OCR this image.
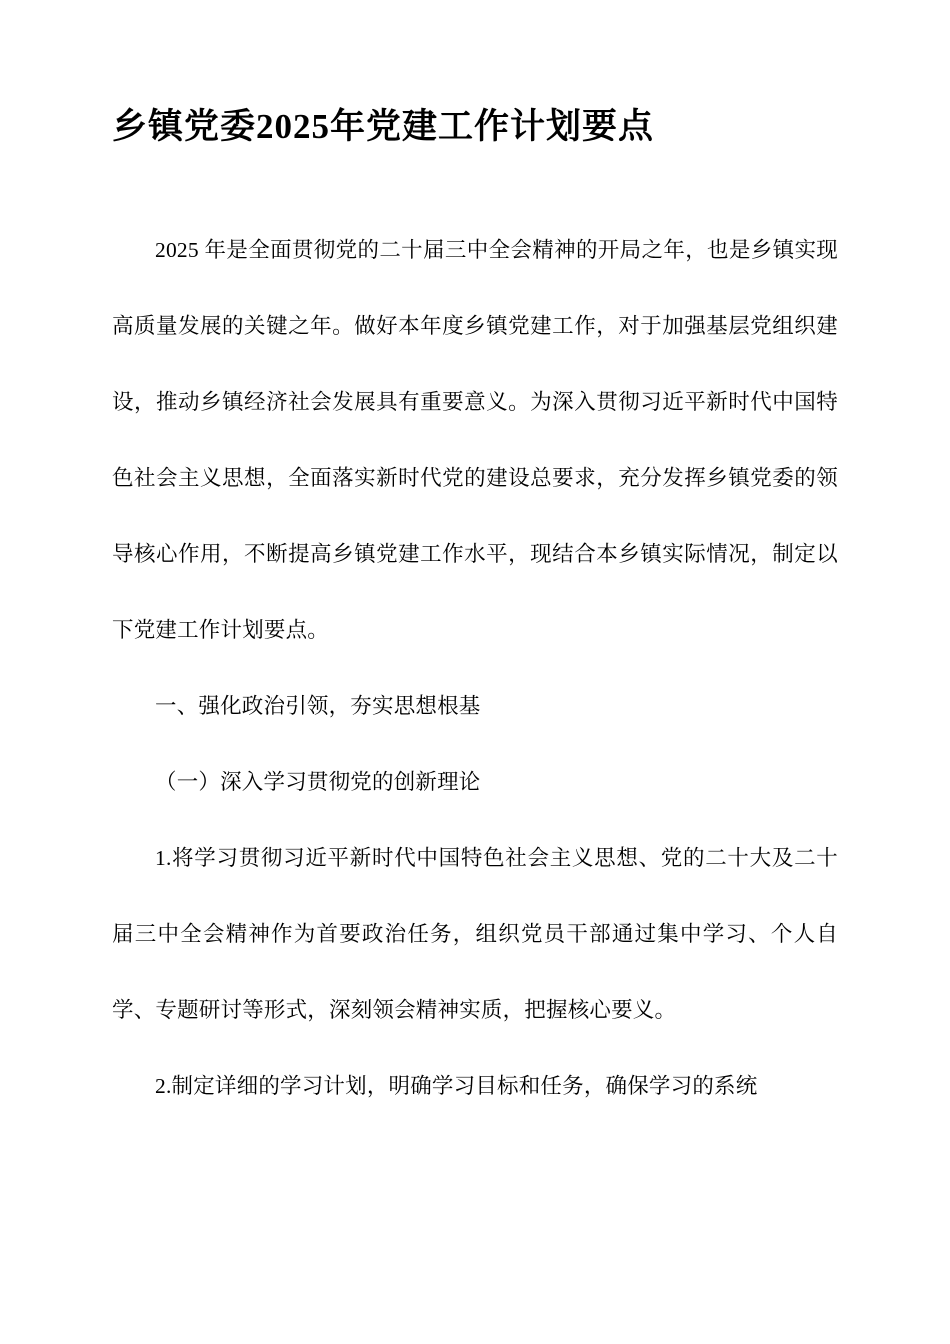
乡镇党委2025年党建工作计划要点

2025 年是全面贯彻党的二十届三中全会精神的开局之年，也是乡镇实现高质量发展的关键之年。做好本年度乡镇党建工作，对于加强基层党组织建设，推动乡镇经济社会发展具有重要意义。为深入贯彻习近平新时代中国特色社会主义思想，全面落实新时代党的建设总要求，充分发挥乡镇党委的领导核心作用，不断提高乡镇党建工作水平，现结合本乡镇实际情况，制定以下党建工作计划要点。

一、强化政治引领，夯实思想根基

（一）深入学习贯彻党的创新理论

1.将学习贯彻习近平新时代中国特色社会主义思想、党的二十大及二十届三中全会精神作为首要政治任务，组织党员干部通过集中学习、个人自学、专题研讨等形式，深刻领会精神实质，把握核心要义。

2.制定详细的学习计划，明确学习目标和任务，确保学习的系统
